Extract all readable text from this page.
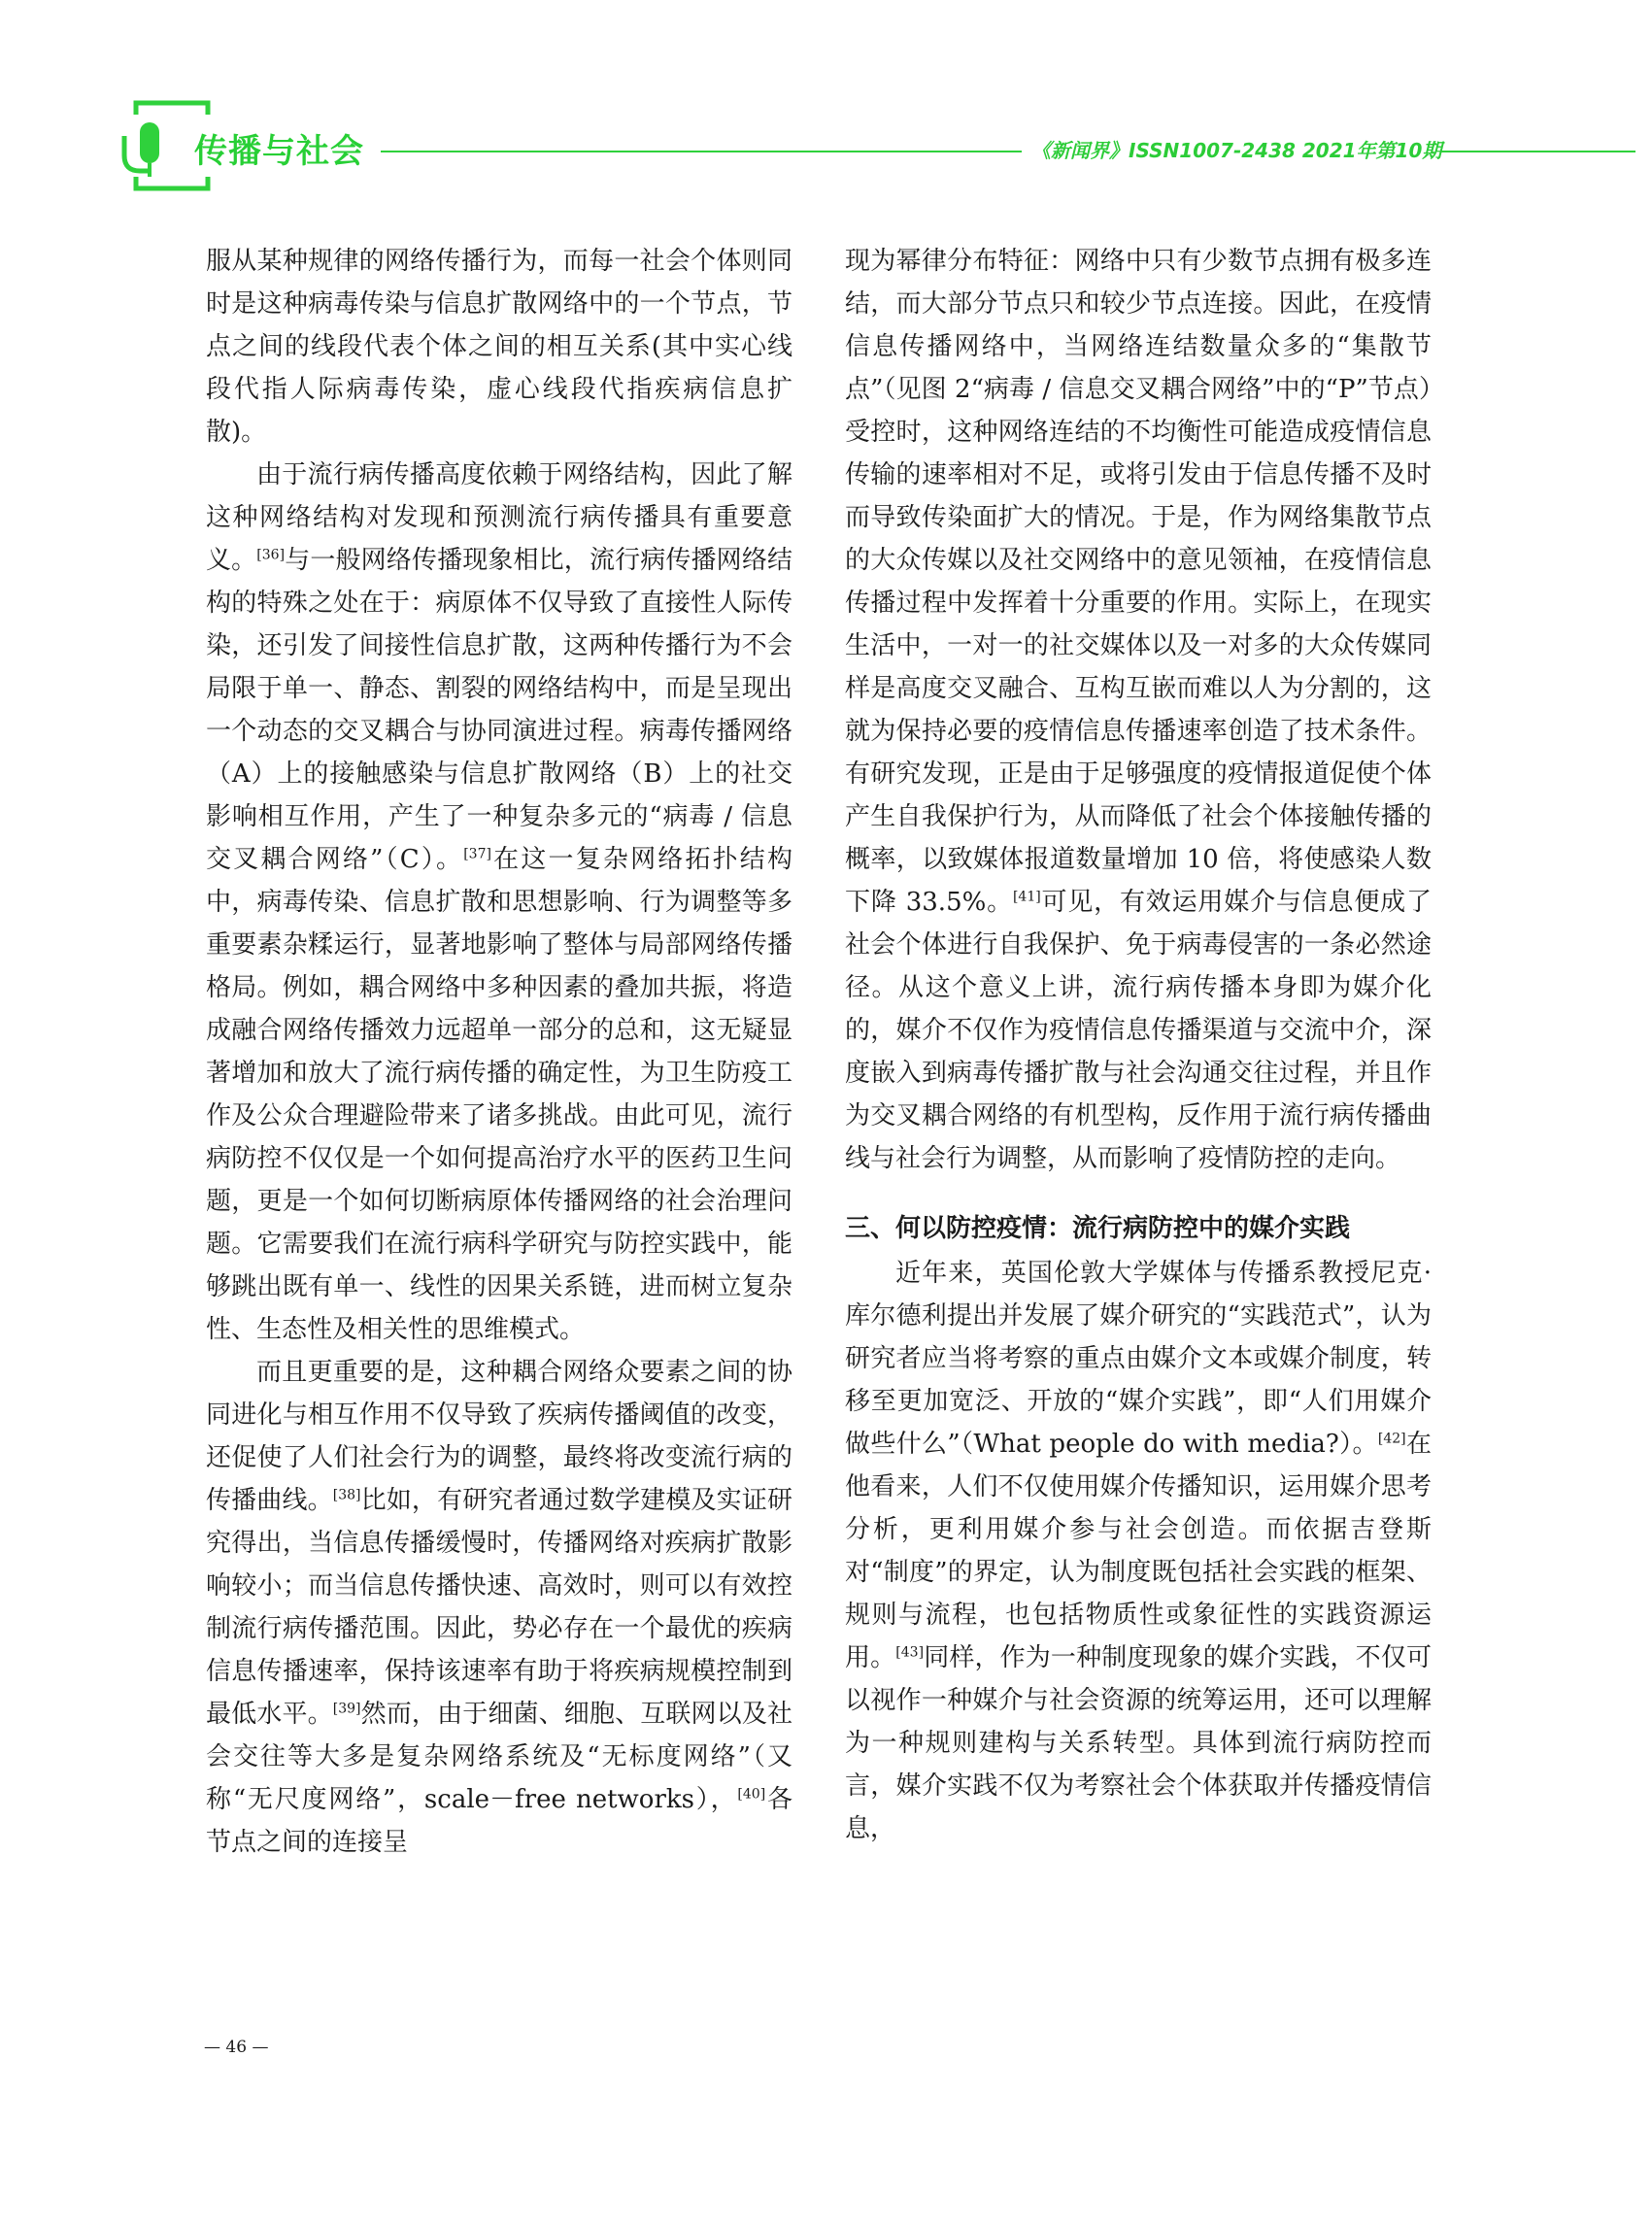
传播与社会	《新闻界》ISSN1007-2438 2021年第10期

服从某种规律的网络传播行为，而每一社会个体则同时是这种病毒传染与信息扩散网络中的一个节点，节点之间的线段代表个体之间的相互关系(其中实心线段代指人际病毒传染，虚心线段代指疾病信息扩散)。

由于流行病传播高度依赖于网络结构，因此了解这种网络结构对发现和预测流行病传播具有重要意义。[36]与一般网络传播现象相比，流行病传播网络结构的特殊之处在于：病原体不仅导致了直接性人际传染，还引发了间接性信息扩散，这两种传播行为不会局限于单一、静态、割裂的网络结构中，而是呈现出一个动态的交叉耦合与协同演进过程。病毒传播网络（A）上的接触感染与信息扩散网络（B）上的社交影响相互作用，产生了一种复杂多元的“病毒 / 信息交叉耦合网络”（C）。[37]在这一复杂网络拓扑结构中，病毒传染、信息扩散和思想影响、行为调整等多重要素杂糅运行，显著地影响了整体与局部网络传播格局。例如，耦合网络中多种因素的叠加共振，将造成融合网络传播效力远超单一部分的总和，这无疑显著增加和放大了流行病传播的确定性，为卫生防疫工作及公众合理避险带来了诸多挑战。由此可见，流行病防控不仅仅是一个如何提高治疗水平的医药卫生问题，更是一个如何切断病原体传播网络的社会治理问题。它需要我们在流行病科学研究与防控实践中，能够跳出既有单一、线性的因果关系链，进而树立复杂性、生态性及相关性的思维模式。

而且更重要的是，这种耦合网络众要素之间的协同进化与相互作用不仅导致了疾病传播阈值的改变，还促使了人们社会行为的调整，最终将改变流行病的传播曲线。[38]比如，有研究者通过数学建模及实证研究得出，当信息传播缓慢时，传播网络对疾病扩散影响较小；而当信息传播快速、高效时，则可以有效控制流行病传播范围。因此，势必存在一个最优的疾病信息传播速率，保持该速率有助于将疾病规模控制到最低水平。[39]然而，由于细菌、细胞、互联网以及社会交往等大多是复杂网络系统及“无标度网络”（又称“无尺度网络”，scale－free networks），[40]各节点之间的连接呈

现为幂律分布特征：网络中只有少数节点拥有极多连结，而大部分节点只和较少节点连接。因此，在疫情信息传播网络中，当网络连结数量众多的“集散节点”（见图 2“病毒 / 信息交叉耦合网络”中的“P”节点）受控时，这种网络连结的不均衡性可能造成疫情信息传输的速率相对不足，或将引发由于信息传播不及时而导致传染面扩大的情况。于是，作为网络集散节点的大众传媒以及社交网络中的意见领袖，在疫情信息传播过程中发挥着十分重要的作用。实际上，在现实生活中，一对一的社交媒体以及一对多的大众传媒同样是高度交叉融合、互构互嵌而难以人为分割的，这就为保持必要的疫情信息传播速率创造了技术条件。有研究发现，正是由于足够强度的疫情报道促使个体产生自我保护行为，从而降低了社会个体接触传播的概率，以致媒体报道数量增加 10 倍，将使感染人数下降 33.5%。[41]可见，有效运用媒介与信息便成了社会个体进行自我保护、免于病毒侵害的一条必然途径。从这个意义上讲，流行病传播本身即为媒介化的，媒介不仅作为疫情信息传播渠道与交流中介，深度嵌入到病毒传播扩散与社会沟通交往过程，并且作为交叉耦合网络的有机型构，反作用于流行病传播曲线与社会行为调整，从而影响了疫情防控的走向。

三、何以防控疫情：流行病防控中的媒介实践

近年来，英国伦敦大学媒体与传播系教授尼克·库尔德利提出并发展了媒介研究的“实践范式”，认为研究者应当将考察的重点由媒介文本或媒介制度，转移至更加宽泛、开放的“媒介实践”，即“人们用媒介做些什么”（What people do with media?）。[42]在他看来，人们不仅使用媒介传播知识，运用媒介思考分析，更利用媒介参与社会创造。而依据吉登斯对“制度”的界定，认为制度既包括社会实践的框架、规则与流程，也包括物质性或象征性的实践资源运用。[43]同样，作为一种制度现象的媒介实践，不仅可以视作一种媒介与社会资源的统筹运用，还可以理解为一种规则建构与关系转型。具体到流行病防控而言，媒介实践不仅为考察社会个体获取并传播疫情信息，

— 46 —
